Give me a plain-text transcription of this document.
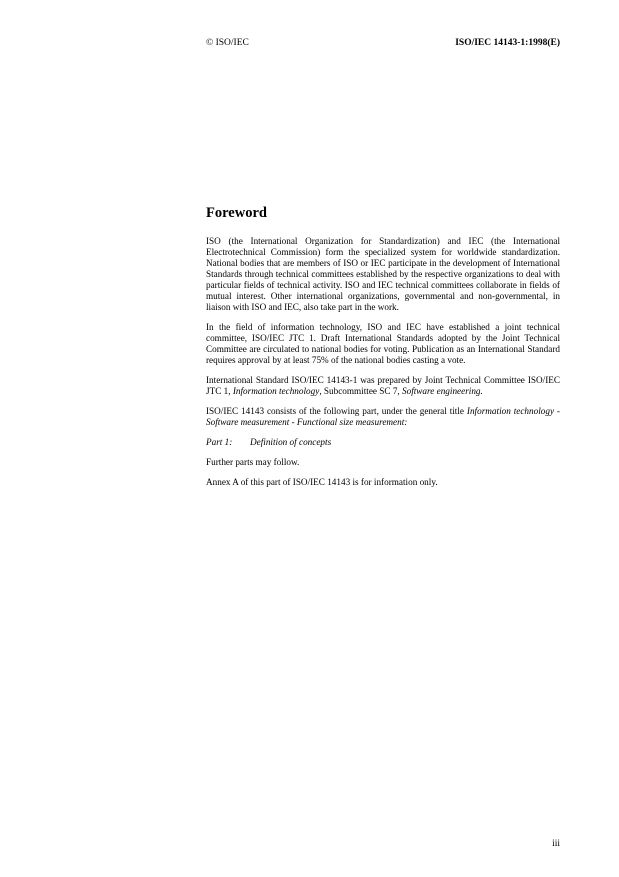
© ISO/IEC	ISO/IEC 14143-1:1998(E)
Foreword

ISO (the International Organization for Standardization) and IEC (the International Electrotechnical Commission) form the specialized system for worldwide standardization. National bodies that are members of ISO or IEC participate in the development of International Standards through technical committees established by the respective organizations to deal with particular fields of technical activity. ISO and IEC technical committees collaborate in fields of mutual interest. Other international organizations, governmental and non-governmental, in liaison with ISO and IEC, also take part in the work.

In the field of information technology, ISO and IEC have established a joint technical committee, ISO/IEC JTC 1. Draft International Standards adopted by the Joint Technical Committee are circulated to national bodies for voting. Publication as an International Standard requires approval by at least 75% of the national bodies casting a vote.

International Standard ISO/IEC 14143-1 was prepared by Joint Technical Committee ISO/IEC JTC 1, Information technology, Subcommittee SC 7, Software engineering.

ISO/IEC 14143 consists of the following part, under the general title Information technology - Software measurement - Functional size measurement:

Part 1: Definition of concepts

Further parts may follow.

Annex A of this part of ISO/IEC 14143 is for information only.

iii
